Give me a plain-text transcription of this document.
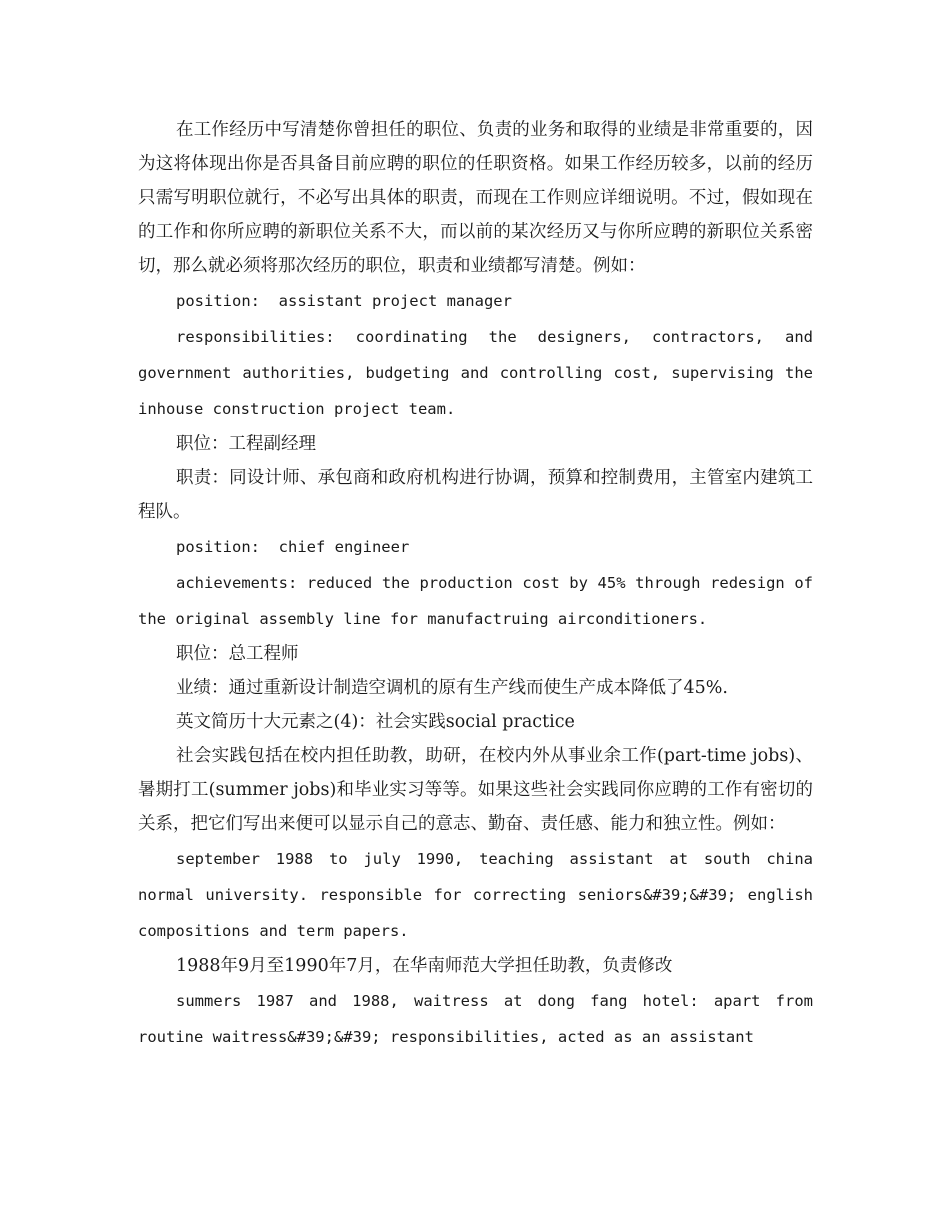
在工作经历中写清楚你曾担任的职位、负责的业务和取得的业绩是非常重要的，因为这将体现出你是否具备目前应聘的职位的任职资格。如果工作经历较多，以前的经历只需写明职位就行，不必写出具体的职责，而现在工作则应详细说明。不过，假如现在的工作和你所应聘的新职位关系不大，而以前的某次经历又与你所应聘的新职位关系密切，那么就必须将那次经历的职位，职责和业绩都写清楚。例如：

position:  assistant project manager

responsibilities: coordinating the designers, contractors, and government authorities, budgeting and controlling cost, supervising the inhouse construction project team.

职位：工程副经理

职责：同设计师、承包商和政府机构进行协调，预算和控制费用，主管室内建筑工程队。

position:  chief engineer

achievements: reduced the production cost by 45% through redesign of the original assembly line for manufactruing airconditioners.

职位：总工程师

业绩：通过重新设计制造空调机的原有生产线而使生产成本降低了45%.

英文简历十大元素之(4)：社会实践social practice

社会实践包括在校内担任助教，助研，在校内外从事业余工作(part-time jobs)、暑期打工(summer jobs)和毕业实习等等。如果这些社会实践同你应聘的工作有密切的关系，把它们写出来便可以显示自己的意志、勤奋、责任感、能力和独立性。例如：

september 1988 to july 1990, teaching assistant at south china normal university. responsible for correcting seniors&#39;&#39; english compositions and term papers.

1988年9月至1990年7月，在华南师范大学担任助教，负责修改

summers 1987 and 1988, waitress at dong fang hotel: apart from routine waitress&#39;&#39; responsibilities, acted as an assistant
